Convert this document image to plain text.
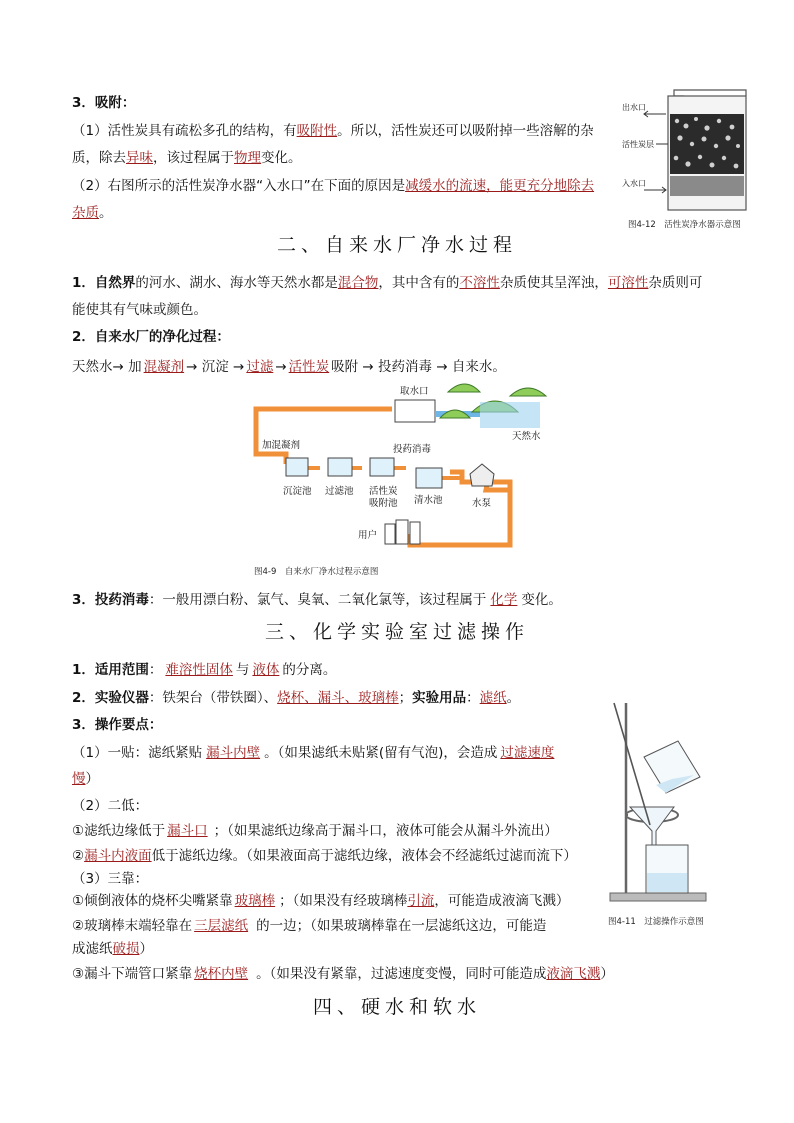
3．吸附：
（1）活性炭具有疏松多孔的结构，有吸附性。所以，活性炭还可以吸附掉一些溶解的杂
质，除去异味，该过程属于物理变化。
（2）右图所示的活性炭净水器“入水口”在下面的原因是减缓水的流速，能更充分地除去
杂质。
出水口
活性炭层
入水口
图4-12　活性炭净水器示意图
二、自来水厂净水过程
1．自然界的河水、湖水、海水等天然水都是混合物，其中含有的不溶性杂质使其呈浑浊，可溶性杂质则可
能使其有气味或颜色。
2．自来水厂的净化过程：
天然水→ 加 混凝剂 → 沉淀 → 过滤 → 活性炭 吸附 → 投药消毒 → 自来水。
取水口
天然水
加混凝剂	投药消毒
沉淀池 过滤池 活性炭
吸附池 清水池	水泵
用户
图4-9　自来水厂净水过程示意图
3．投药消毒：一般用漂白粉、氯气、臭氧、二氧化氯等，该过程属于 化学 变化。
三、化学实验室过滤操作
1．适用范围： 难溶性固体 与 液体 的分离。
2．实验仪器：铁架台（带铁圈）、烧杯、漏斗、玻璃棒；实验用品：滤纸。
3．操作要点：
（1）一贴：滤纸紧贴 漏斗内壁 。（如果滤纸未贴紧(留有气泡)，会造成 过滤速度
慢）
（2）二低：
①滤纸边缘低于 漏斗口 ；（如果滤纸边缘高于漏斗口，液体可能会从漏斗外流出）
②漏斗内液面低于滤纸边缘。（如果液面高于滤纸边缘，液体会不经滤纸过滤而流下）
（3）三靠：
①倾倒液体的烧杯尖嘴紧靠 玻璃棒 ；（如果没有经玻璃棒引流，可能造成液滴飞溅）
②玻璃棒末端轻靠在 三层滤纸 的一边；（如果玻璃棒靠在一层滤纸这边，可能造
成滤纸破损）
③漏斗下端管口紧靠 烧杯内壁 。（如果没有紧靠，过滤速度变慢，同时可能造成液滴飞溅）
图4-11　过滤操作示意图
四、硬水和软水
